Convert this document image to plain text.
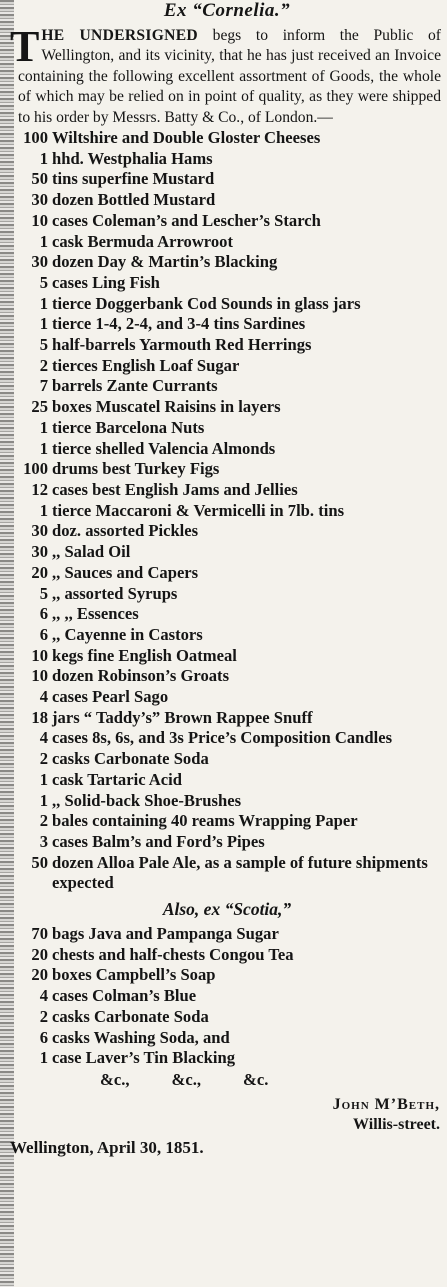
Ex “Cornelia.”

THE UNDERSIGNED begs to inform the Public of Wellington, and its vicinity, that he has just received an Invoice containing the following excellent assortment of Goods, the whole of which may be relied on in point of quality, as they were shipped to his order by Messrs. Batty & Co., of London.—

100 Wiltshire and Double Gloster Cheeses
1 hhd. Westphalia Hams
50 tins superfine Mustard
30 dozen Bottled Mustard
10 cases Coleman’s and Lescher’s Starch
1 cask Bermuda Arrowroot
30 dozen Day & Martin’s Blacking
5 cases Ling Fish
1 tierce Doggerbank Cod Sounds in glass jars
1 tierce 1-4, 2-4, and 3-4 tins Sardines
5 half-barrels Yarmouth Red Herrings
2 tierces English Loaf Sugar
7 barrels Zante Currants
25 boxes Muscatel Raisins in layers
1 tierce Barcelona Nuts
1 tierce shelled Valencia Almonds
100 drums best Turkey Figs
12 cases best English Jams and Jellies
1 tierce Maccaroni & Vermicelli in 7lb. tins
30 doz. assorted Pickles
30 ,, Salad Oil
20 ,, Sauces and Capers
5 ,, assorted Syrups
6 ,, ,, Essences
6 ,, Cayenne in Castors
10 kegs fine English Oatmeal
10 dozen Robinson’s Groats
4 cases Pearl Sago
18 jars “ Taddy’s” Brown Rappee Snuff
4 cases 8s, 6s, and 3s Price’s Composition Candles
2 casks Carbonate Soda
1 cask Tartaric Acid
1 ,, Solid-back Shoe-Brushes
2 bales containing 40 reams Wrapping Paper
3 cases Balm’s and Ford’s Pipes
50 dozen Alloa Pale Ale, as a sample of future shipments expected
Also, ex “Scotia,”
70 bags Java and Pampanga Sugar
20 chests and half-chests Congou Tea
20 boxes Campbell’s Soap
4 cases Colman’s Blue
2 casks Carbonate Soda
6 casks Washing Soda, and
1 case Laver’s Tin Blacking
&c.,	&c.,	&c.
John M’Beth,
Willis-street.
Wellington, April 30, 1851.
